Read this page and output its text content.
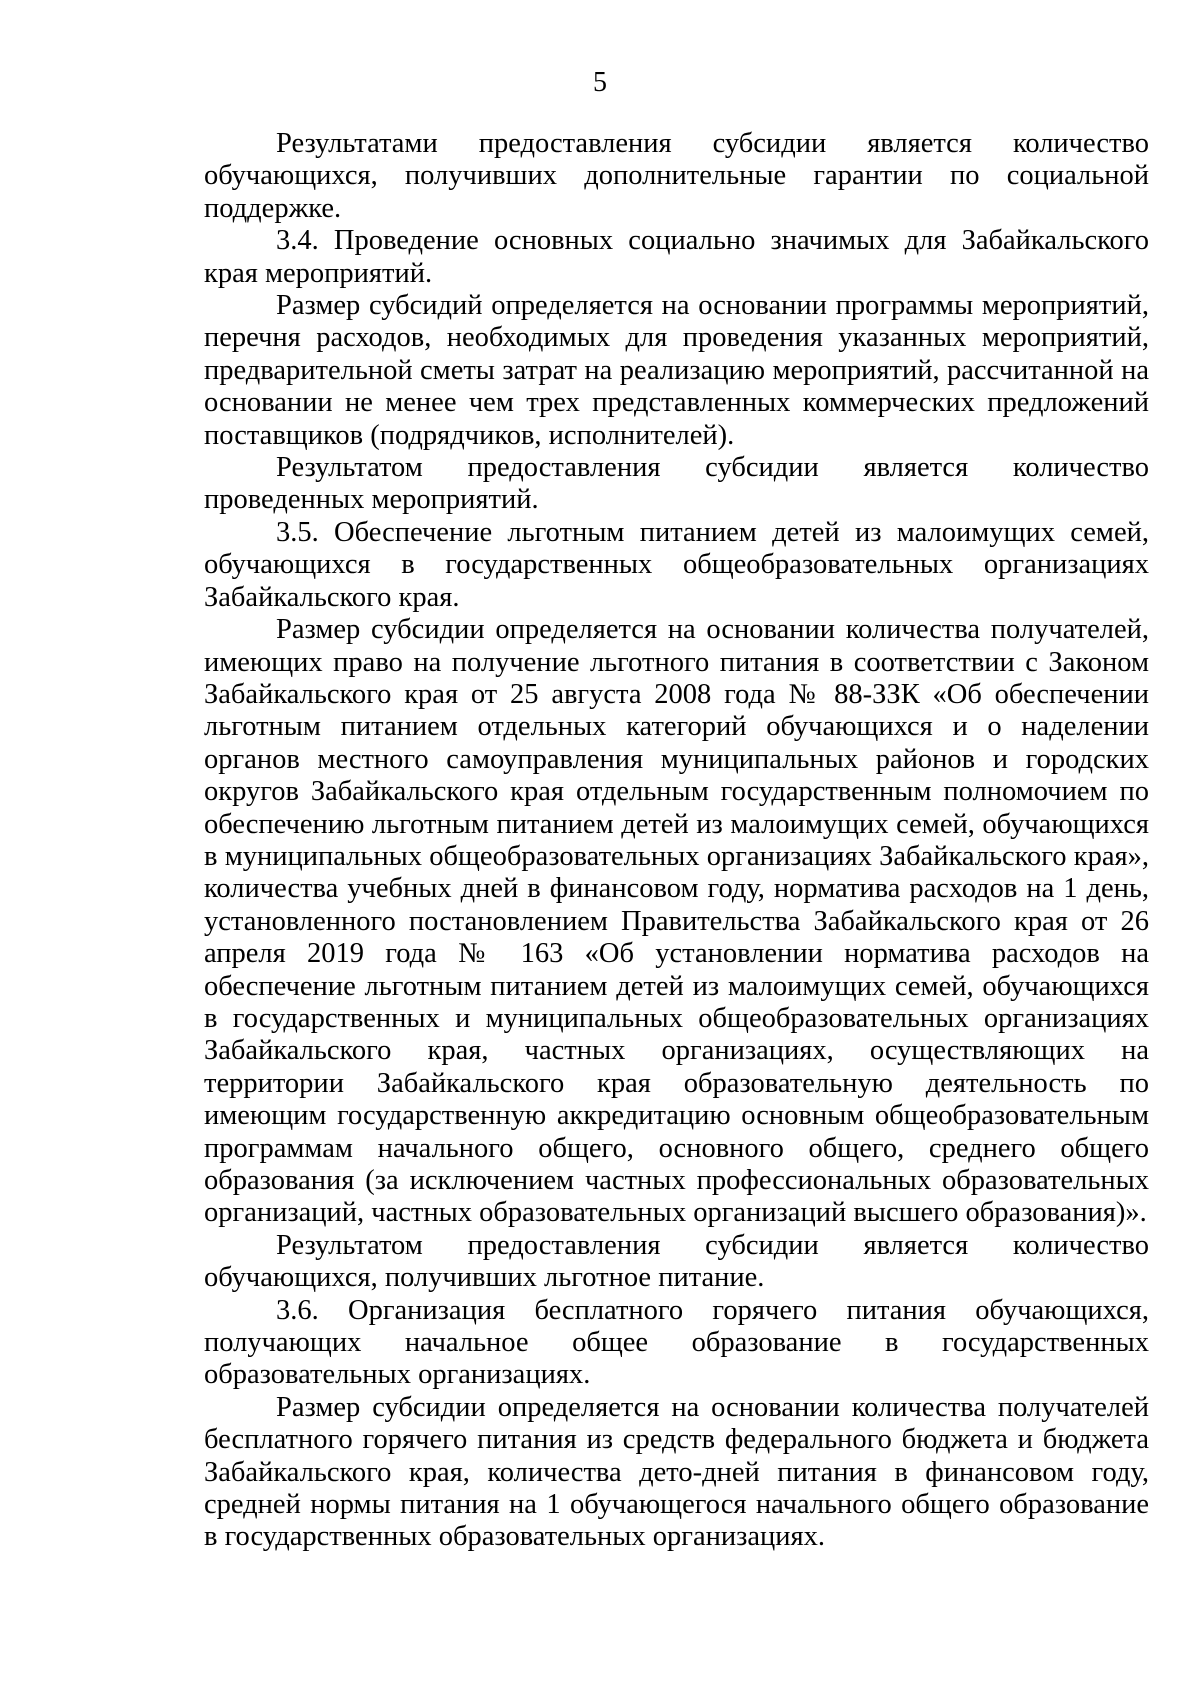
5

Результатами предоставления субсидии является количество обучающихся, получивших дополнительные гарантии по социальной поддержке.

3.4. Проведение основных социально значимых для Забайкальского края мероприятий.

Размер субсидий определяется на основании программы мероприятий, перечня расходов, необходимых для проведения указанных мероприятий, предварительной сметы затрат на реализацию мероприятий, рассчитанной на основании не менее чем трех представленных коммерческих предложений поставщиков (подрядчиков, исполнителей).

Результатом предоставления субсидии является количество проведенных мероприятий.

3.5. Обеспечение льготным питанием детей из малоимущих семей, обучающихся в государственных общеобразовательных организациях Забайкальского края.

Размер субсидии определяется на основании количества получателей, имеющих право на получение льготного питания в соответствии с Законом Забайкальского края от 25 августа 2008 года № 88-ЗЗК «Об обеспечении льготным питанием отдельных категорий обучающихся и о наделении органов местного самоуправления муниципальных районов и городских округов Забайкальского края отдельным государственным полномочием по обеспечению льготным питанием детей из малоимущих семей, обучающихся в муниципальных общеобразовательных организациях Забайкальского края», количества учебных дней в финансовом году, норматива расходов на 1 день, установленного постановлением Правительства Забайкальского края от 26 апреля 2019 года № 163 «Об установлении норматива расходов на обеспечение льготным питанием детей из малоимущих семей, обучающихся в государственных и муниципальных общеобразовательных организациях Забайкальского края, частных организациях, осуществляющих на территории Забайкальского края образовательную деятельность по имеющим государственную аккредитацию основным общеобразовательным программам начального общего, основного общего, среднего общего образования (за исключением частных профессиональных образовательных организаций, частных образовательных организаций высшего образования)».

Результатом предоставления субсидии является количество обучающихся, получивших льготное питание.

3.6. Организация бесплатного горячего питания обучающихся, получающих начальное общее образование в государственных образовательных организациях.

Размер субсидии определяется на основании количества получателей бесплатного горячего питания из средств федерального бюджета и бюджета Забайкальского края, количества дето-дней питания в финансовом году, средней нормы питания на 1 обучающегося начального общего образование в государственных образовательных организациях.
